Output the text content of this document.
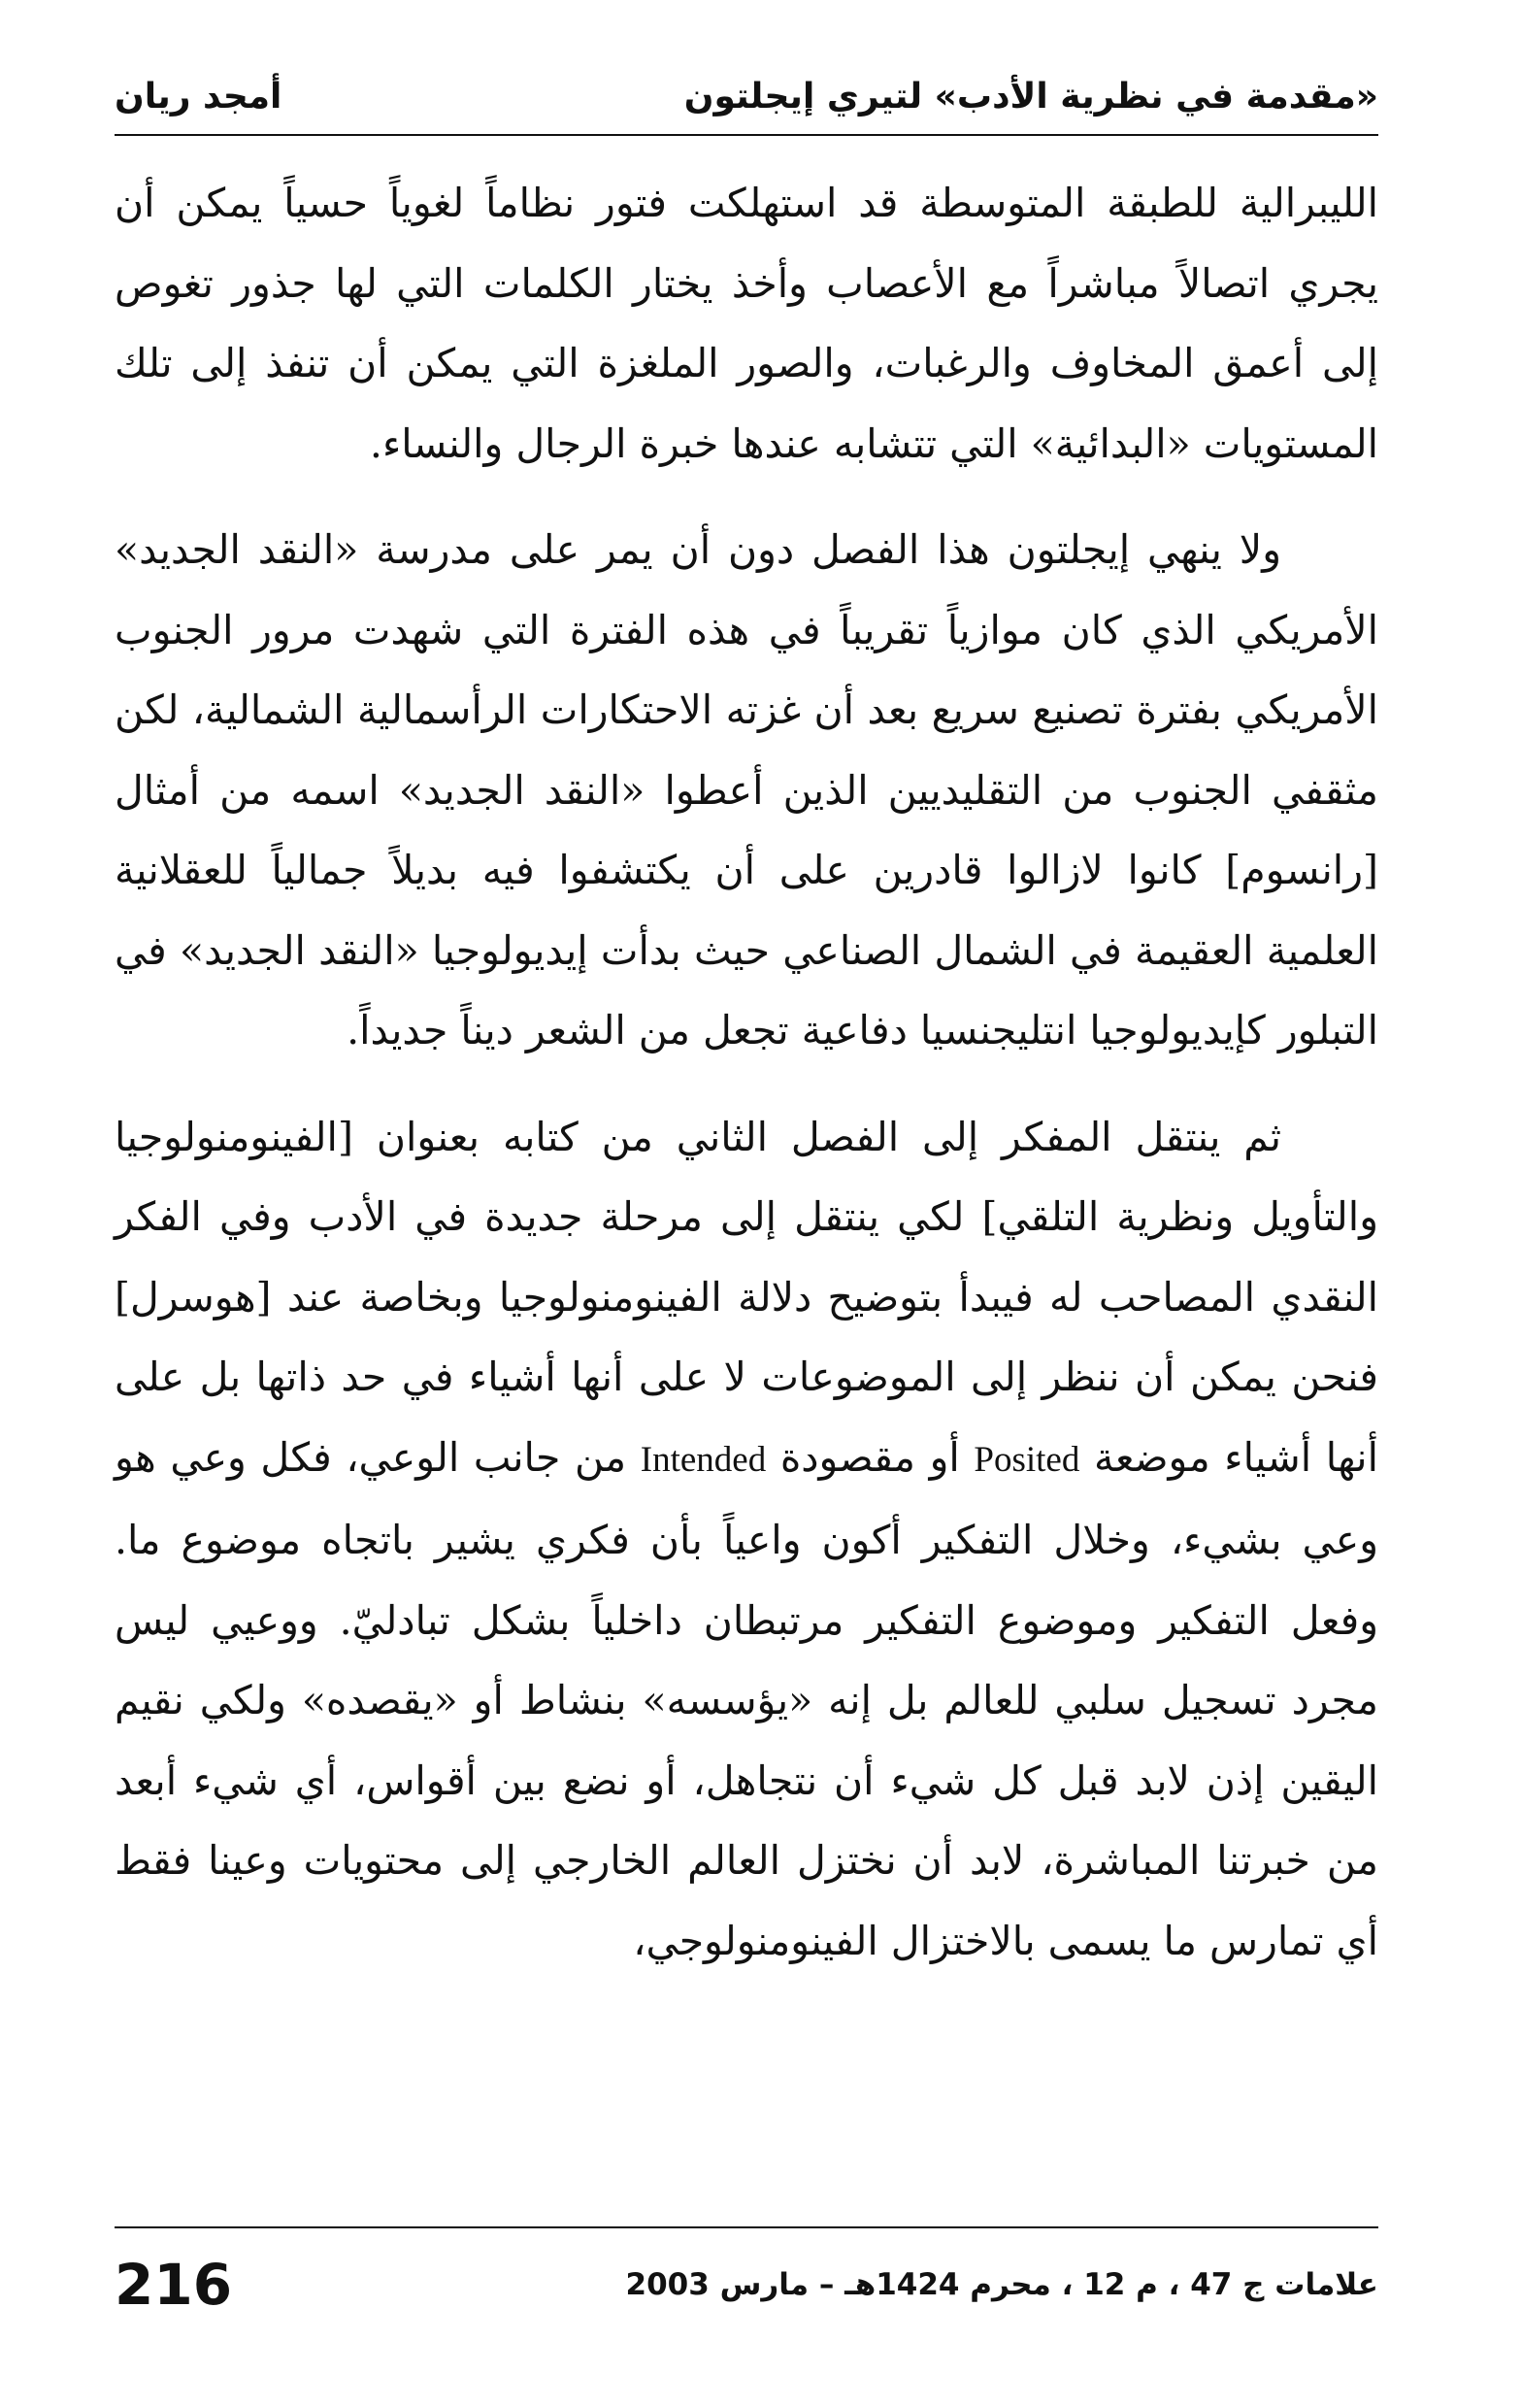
«مقدمة في نظرية الأدب» لتيري إيجلتون
أمجد ريان

الليبرالية للطبقة المتوسطة قد استهلكت فتور نظاماً لغوياً حسياً يمكن أن يجري اتصالاً مباشراً مع الأعصاب وأخذ يختار الكلمات التي لها جذور تغوص إلى أعمق المخاوف والرغبات، والصور الملغزة التي يمكن أن تنفذ إلى تلك المستويات «البدائية» التي تتشابه عندها خبرة الرجال والنساء.

ولا ينهي إيجلتون هذا الفصل دون أن يمر على مدرسة «النقد الجديد» الأمريكي الذي كان موازياً تقريباً في هذه الفترة التي شهدت مرور الجنوب الأمريكي بفترة تصنيع سريع بعد أن غزته الاحتكارات الرأسمالية الشمالية، لكن مثقفي الجنوب من التقليديين الذين أعطوا «النقد الجديد» اسمه من أمثال [رانسوم] كانوا لازالوا قادرين على أن يكتشفوا فيه بديلاً جمالياً للعقلانية العلمية العقيمة في الشمال الصناعي حيث بدأت إيديولوجيا «النقد الجديد» في التبلور كإيديولوجيا انتليجنسيا دفاعية تجعل من الشعر ديناً جديداً.

ثم ينتقل المفكر إلى الفصل الثاني من كتابه بعنوان [الفينومنولوجيا والتأويل ونظرية التلقي] لكي ينتقل إلى مرحلة جديدة في الأدب وفي الفكر النقدي المصاحب له فيبدأ بتوضيح دلالة الفينومنولوجيا وبخاصة عند [هوسرل] فنحن يمكن أن ننظر إلى الموضوعات لا على أنها أشياء في حد ذاتها بل على أنها أشياء موضعة Posited أو مقصودة Intended من جانب الوعي، فكل وعي هو وعي بشيء، وخلال التفكير أكون واعياً بأن فكري يشير باتجاه موضوع ما. وفعل التفكير وموضوع التفكير مرتبطان داخلياً بشكل تبادليّ. ووعيي ليس مجرد تسجيل سلبي للعالم بل إنه «يؤسسه» بنشاط أو «يقصده» ولكي نقيم اليقين إذن لابد قبل كل شيء أن نتجاهل، أو نضع بين أقواس، أي شيء أبعد من خبرتنا المباشرة، لابد أن نختزل العالم الخارجي إلى محتويات وعينا فقط أي تمارس ما يسمى بالاختزال الفينومنولوجي،

علامات ج 47 ، م 12 ، محرم 1424هـ – مارس 2003
216
